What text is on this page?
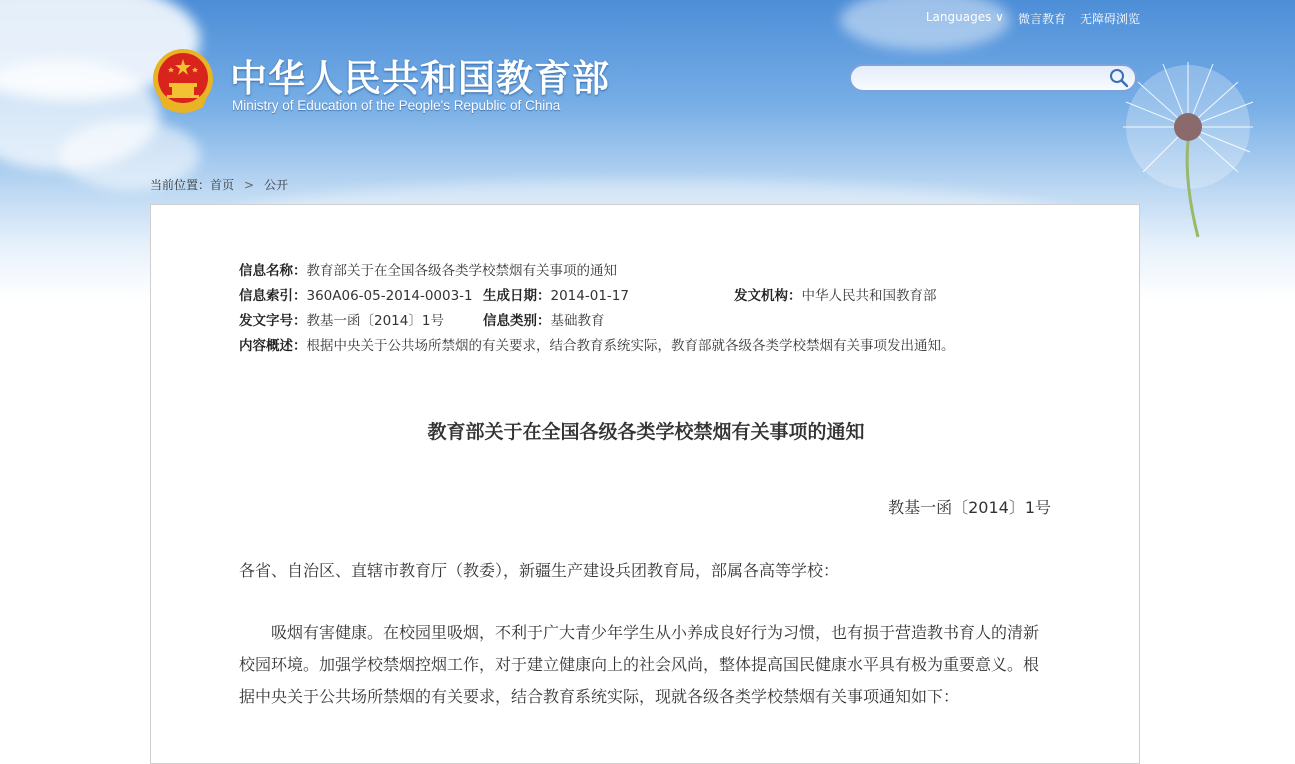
Languages ∨ 微言教育 无障碍浏览
中华人民共和国教育部
Ministry of Education of the People's Republic of China
当前位置：首页 > 公开
信息名称：教育部关于在全国各级各类学校禁烟有关事项的通知
信息索引：360A06-05-2014-0003-1 生成日期：2014-01-17	发文机构：中华人民共和国教育部
发文字号：教基一函〔2014〕1号	信息类别：基础教育
内容概述：根据中央关于公共场所禁烟的有关要求，结合教育系统实际，教育部就各级各类学校禁烟有关事项发出通知。
教育部关于在全国各级各类学校禁烟有关事项的通知
教基一函〔2014〕1号
各省、自治区、直辖市教育厅（教委），新疆生产建设兵团教育局，部属各高等学校：
吸烟有害健康。在校园里吸烟，不利于广大青少年学生从小养成良好行为习惯，也有损于营造教书育人的清新校园环境。加强学校禁烟控烟工作，对于建立健康向上的社会风尚，整体提高国民健康水平具有极为重要意义。根据中央关于公共场所禁烟的有关要求，结合教育系统实际，现就各级各类学校禁烟有关事项通知如下：
